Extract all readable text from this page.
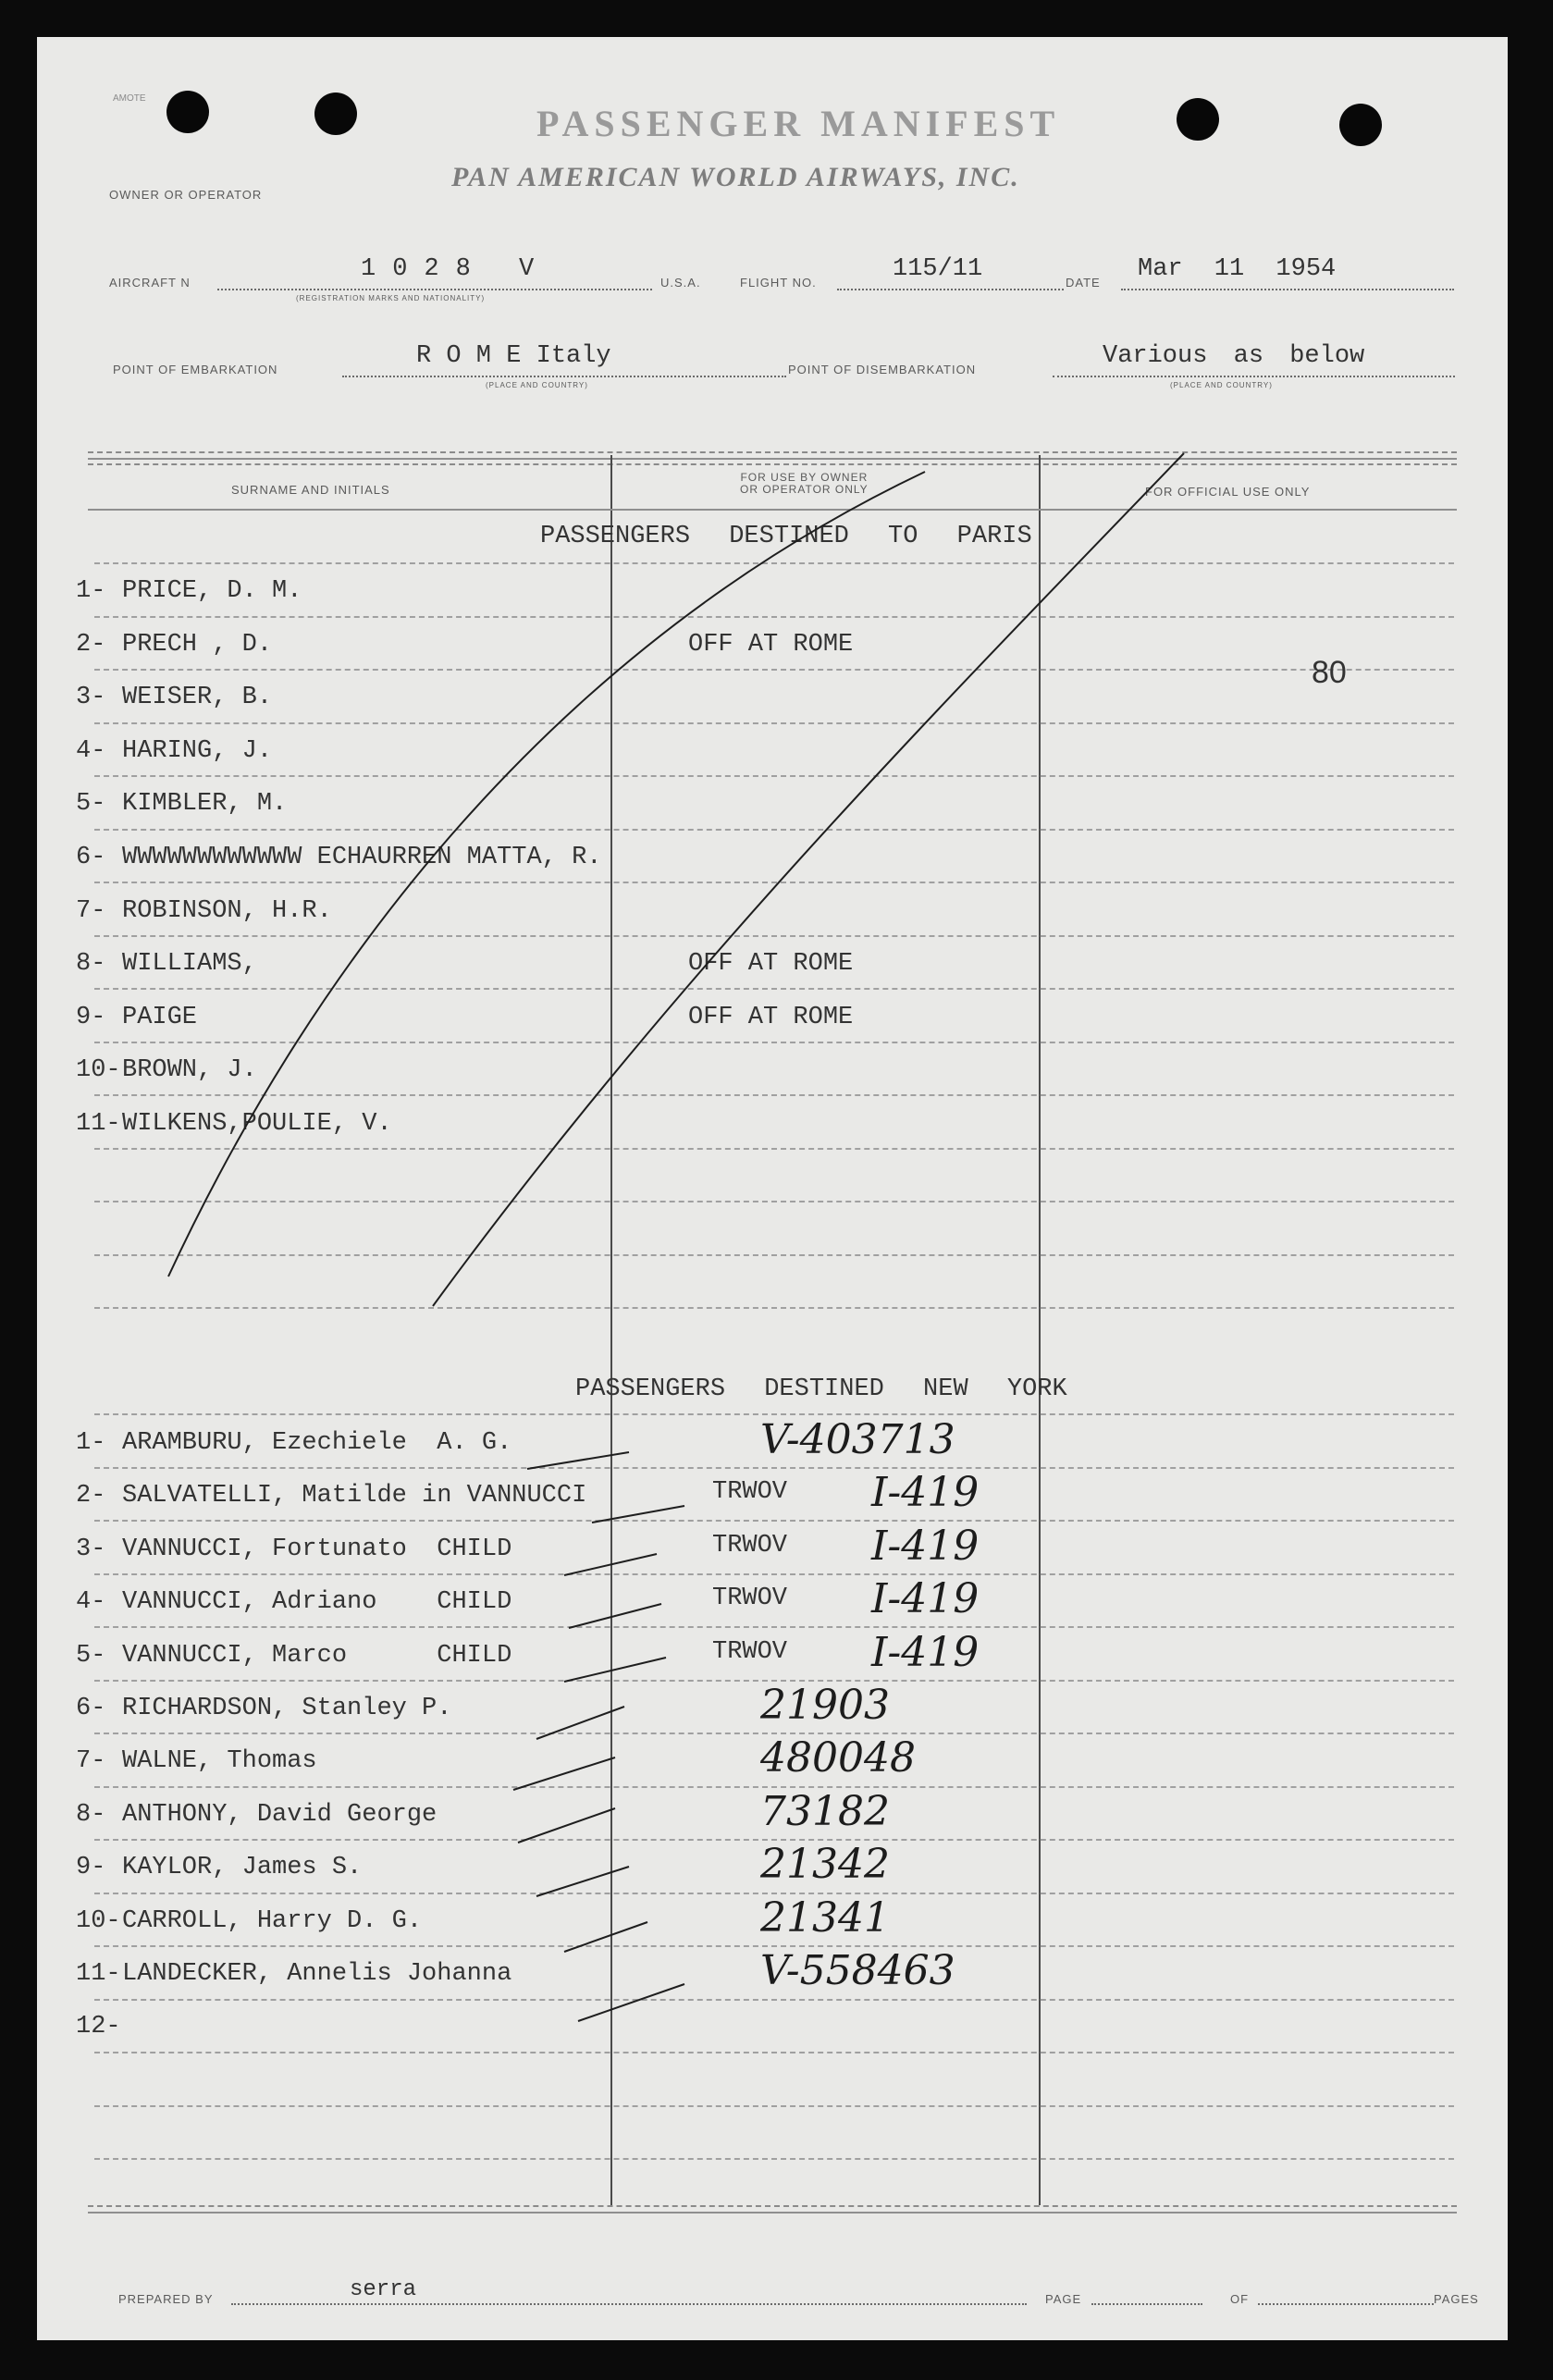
AMOTE
PASSENGER MANIFEST
PAN AMERICAN WORLD AIRWAYS, INC.
OWNER OR OPERATOR
AIRCRAFT N	1028 V
(REGISTRATION MARKS AND NATIONALITY)
U.S.A.	FLIGHT NO.	115/11	DATE Mar 11 1954
POINT OF EMBARKATION	R O M E Italy
(PLACE AND COUNTRY)
POINT OF DISEMBARKATION	Various as below
(PLACE AND COUNTRY)
SURNAME AND INITIALS
FOR USE BY OWNER
OR OPERATOR ONLY	FOR OFFICIAL USE ONLY
PASSENGERS DESTINED TO PARIS
1- PRICE, D. M.
2- PRECH , D.	OFF AT ROME
3- WEISER, B.
4- HARING, J.
5- KIMBLER, M.
6- WWWWWWWWWWWW ECHAURREN MATTA, R.
7- ROBINSON, H.R.
8- WILLIAMS,	OFF AT ROME
9- PAIGE	OFF AT ROME
10- BROWN, J.
11- WILKENS,POULIE, V.
80
PASSENGERS DESTINED NEW YORK
1- ARAMBURU, Ezechiele  A. G.	V-403713
2- SALVATELLI, Matilde in VANNUCCI	TRWOV I-419
3- VANNUCCI, Fortunato  CHILD	TRWOV I-419
4- VANNUCCI, Adriano    CHILD	TRWOV I-419
5- VANNUCCI, Marco      CHILD	TRWOV I-419
6- RICHARDSON, Stanley P.	21903
7- WALNE, Thomas	480048
8- ANTHONY, David George	73182
9- KAYLOR, James S.	21342
10- CARROLL, Harry D. G.	21341
11- LANDECKER, Annelis Johanna	V-558463
12-
PREPARED BY	serra	PAGE	OF	PAGES
